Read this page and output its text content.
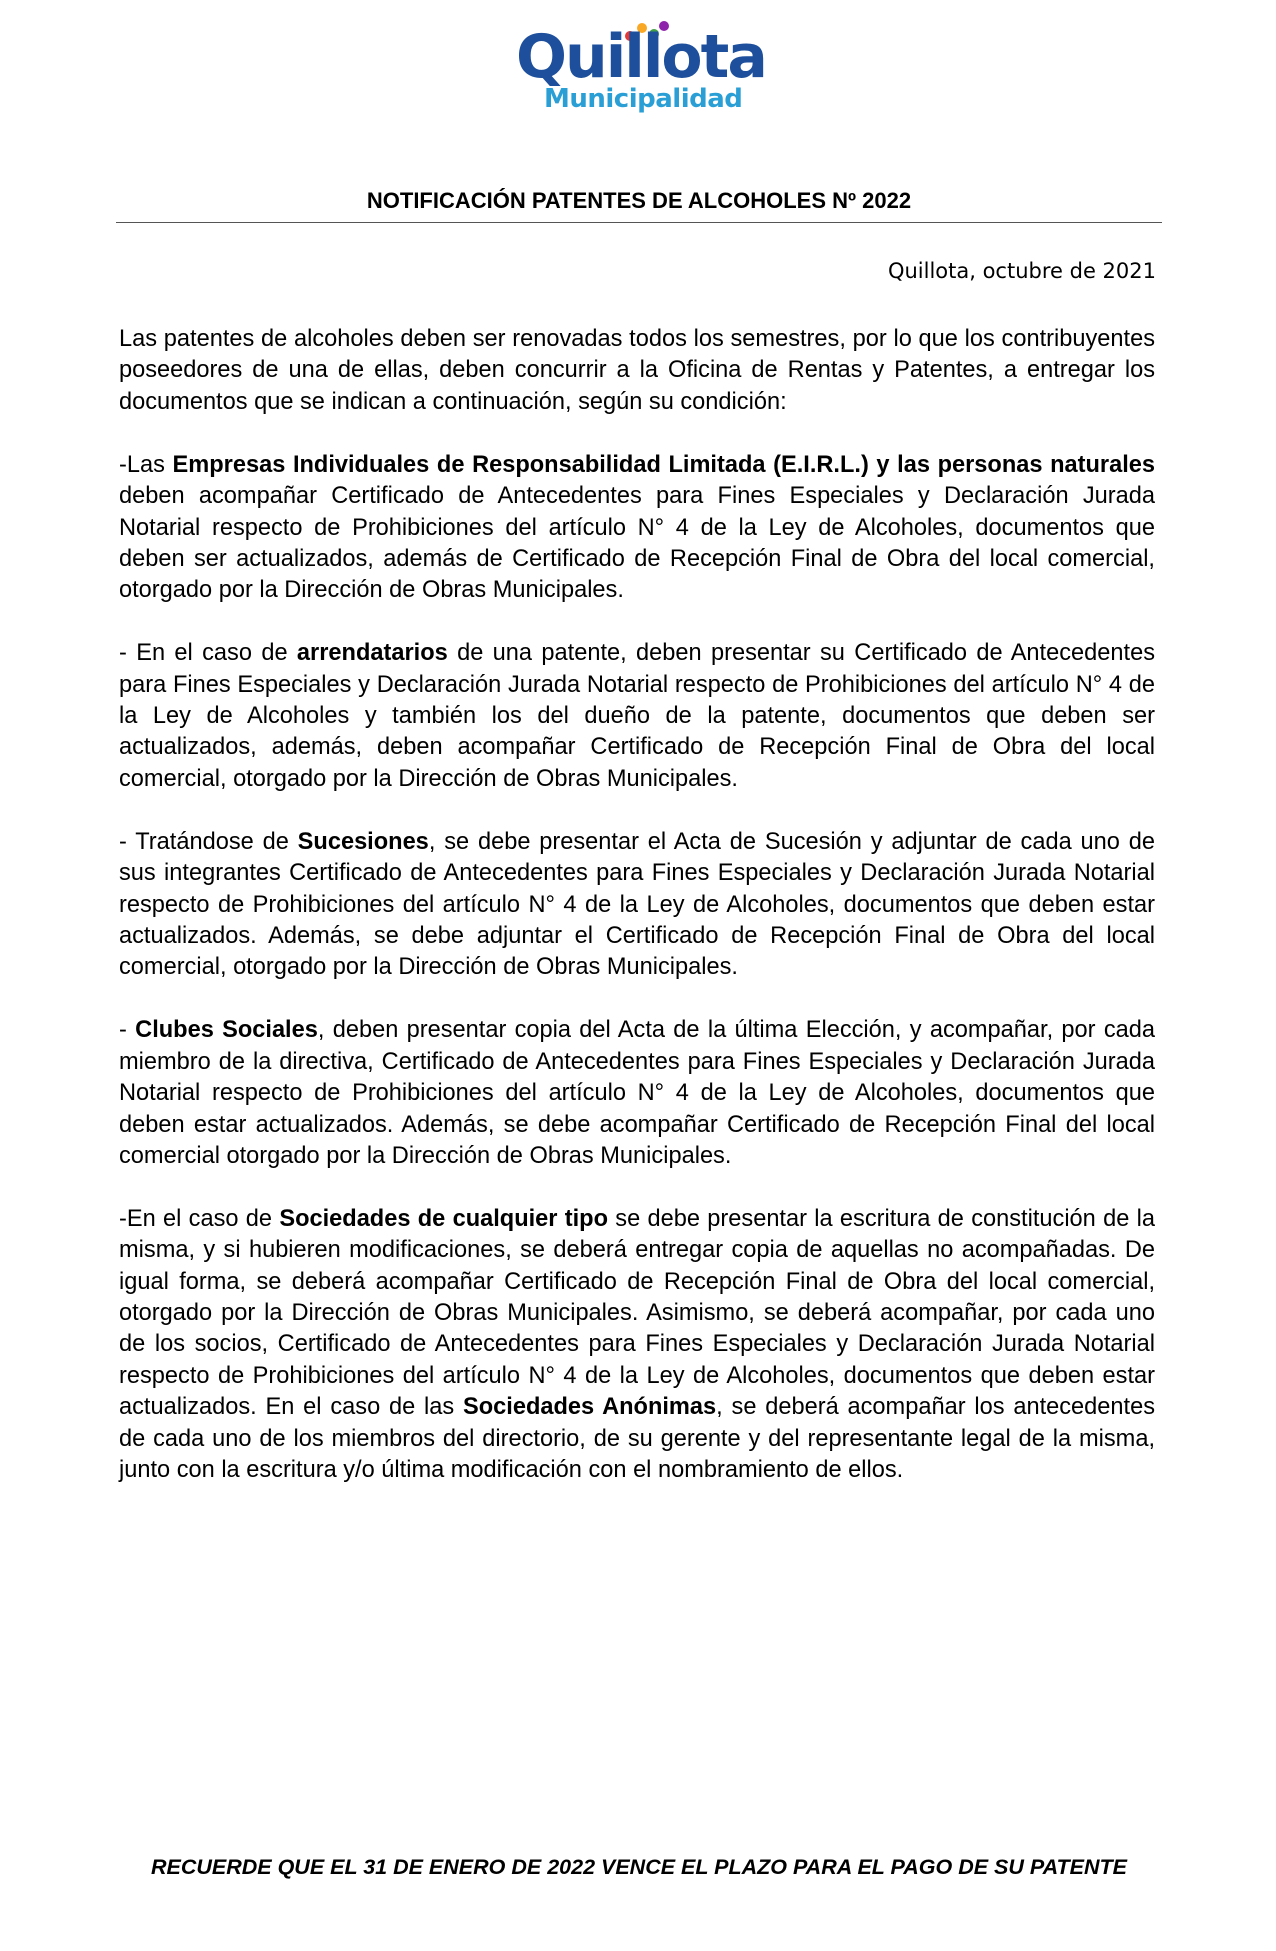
Quillota
Municipalidad
NOTIFICACIÓN PATENTES DE ALCOHOLES Nº 2022
Quillota, octubre de 2021

Las patentes de alcoholes deben ser renovadas todos los semestres, por lo que los contribuyentes poseedores de una de ellas, deben concurrir a la Oficina de Rentas y Patentes, a entregar los documentos que se indican a continuación, según su condición:

-Las Empresas Individuales de Responsabilidad Limitada (E.I.R.L.) y las personas naturales deben acompañar Certificado de Antecedentes para Fines Especiales y Declaración Jurada Notarial respecto de Prohibiciones del artículo N° 4 de la Ley de Alcoholes, documentos que deben ser actualizados, además de Certificado de Recepción Final de Obra del local comercial, otorgado por la Dirección de Obras Municipales.

- En el caso de arrendatarios de una patente, deben presentar su Certificado de Antecedentes para Fines Especiales y Declaración Jurada Notarial respecto de Prohibiciones del artículo N° 4 de la Ley de Alcoholes y también los del dueño de la patente, documentos que deben ser actualizados, además, deben acompañar Certificado de Recepción Final de Obra del local comercial, otorgado por la Dirección de Obras Municipales.

- Tratándose de Sucesiones, se debe presentar el Acta de Sucesión y adjuntar de cada uno de sus integrantes Certificado de Antecedentes para Fines Especiales y Declaración Jurada Notarial respecto de Prohibiciones del artículo N° 4 de la Ley de Alcoholes, documentos que deben estar actualizados. Además, se debe adjuntar el Certificado de Recepción Final de Obra del local comercial, otorgado por la Dirección de Obras Municipales.

- Clubes Sociales, deben presentar copia del Acta de la última Elección, y acompañar, por cada miembro de la directiva, Certificado de Antecedentes para Fines Especiales y Declaración Jurada Notarial respecto de Prohibiciones del artículo N° 4 de la Ley de Alcoholes, documentos que deben estar actualizados. Además, se debe acompañar Certificado de Recepción Final del local comercial otorgado por la Dirección de Obras Municipales.

-En el caso de Sociedades de cualquier tipo se debe presentar la escritura de constitución de la misma, y si hubieren modificaciones, se deberá entregar copia de aquellas no acompañadas. De igual forma, se deberá acompañar Certificado de Recepción Final de Obra del local comercial, otorgado por la Dirección de Obras Municipales. Asimismo, se deberá acompañar, por cada uno de los socios, Certificado de Antecedentes para Fines Especiales y Declaración Jurada Notarial respecto de Prohibiciones del artículo N° 4 de la Ley de Alcoholes, documentos que deben estar actualizados. En el caso de las Sociedades Anónimas, se deberá acompañar los antecedentes de cada uno de los miembros del directorio, de su gerente y del representante legal de la misma, junto con la escritura y/o última modificación con el nombramiento de ellos.

RECUERDE QUE EL 31 DE ENERO DE 2022 VENCE EL PLAZO PARA EL PAGO DE SU PATENTE
